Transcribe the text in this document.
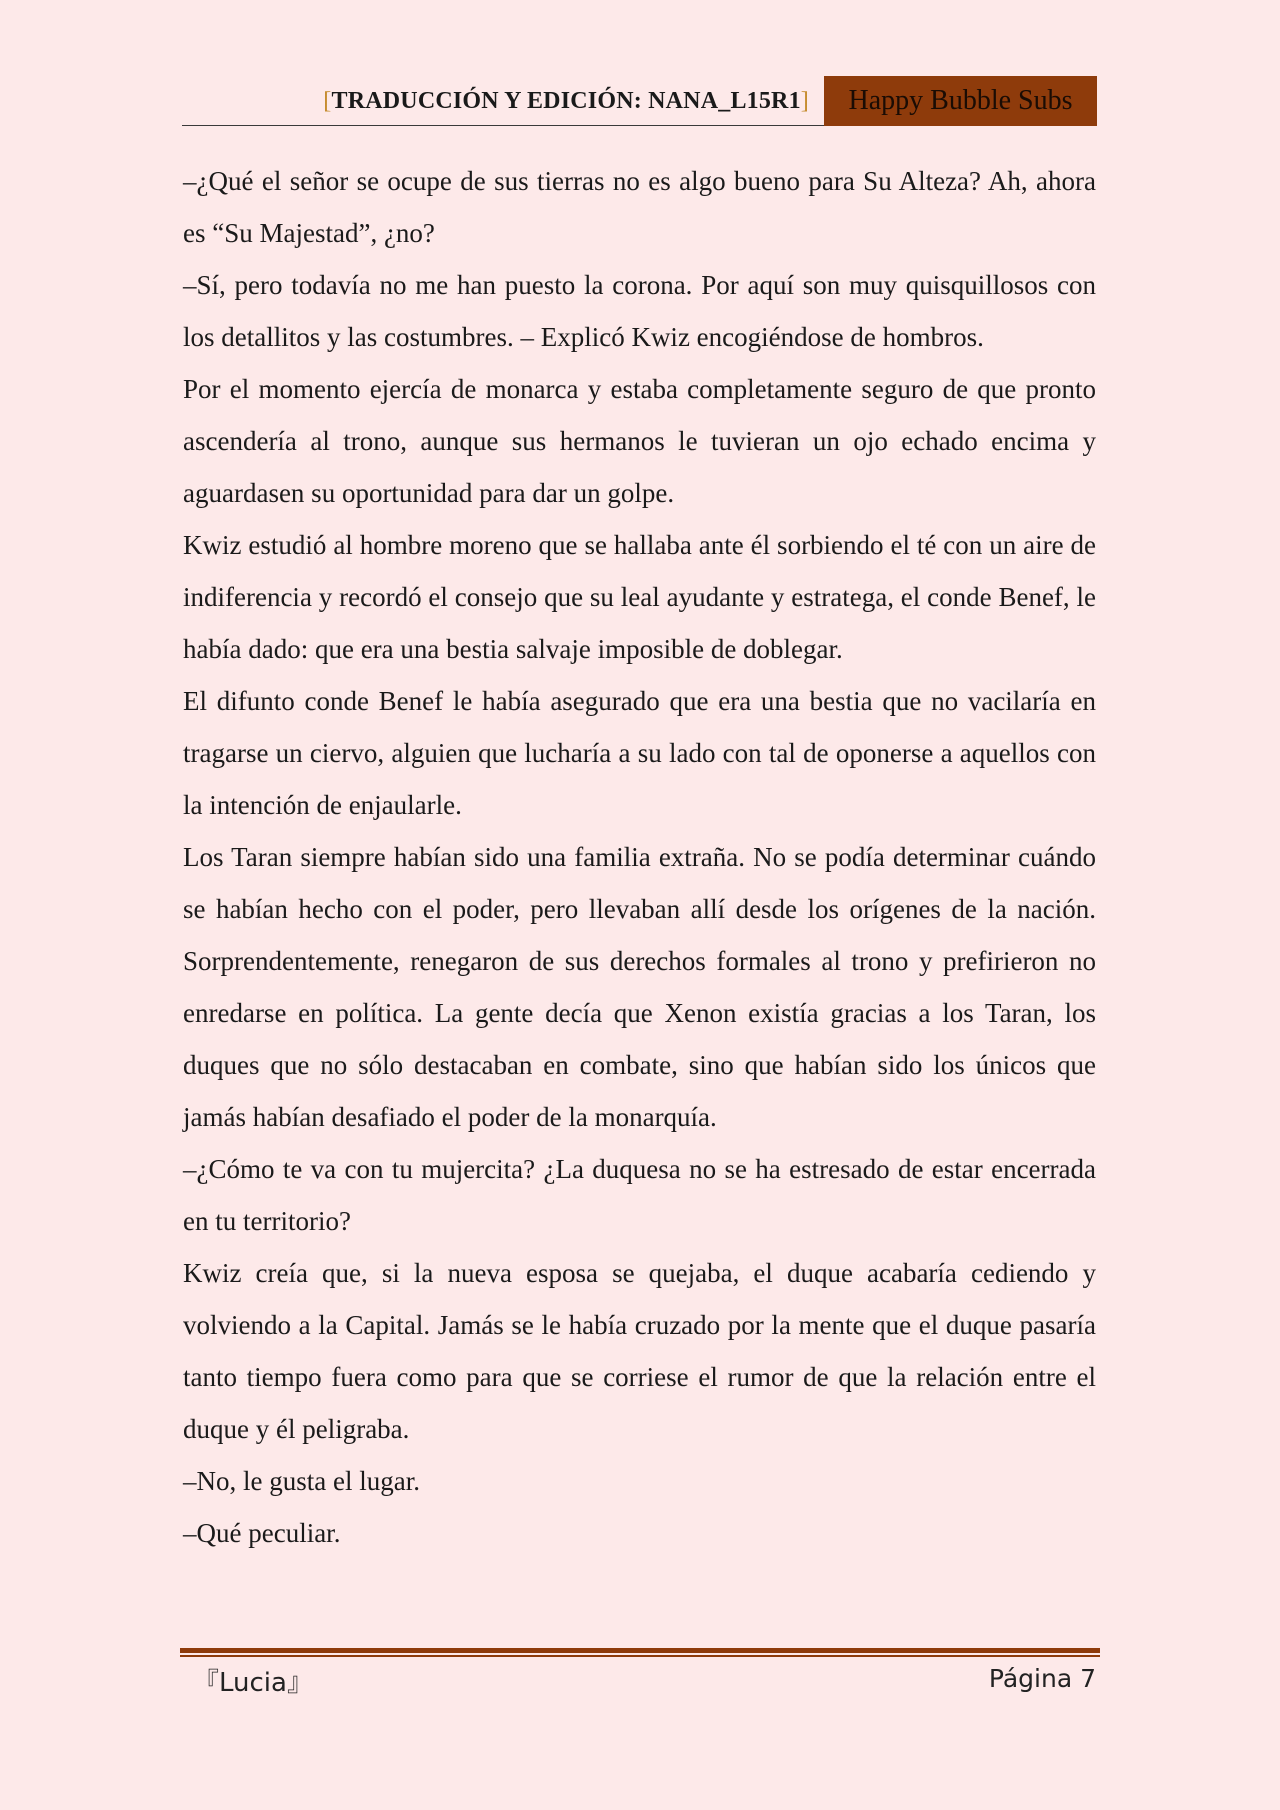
[TRADUCCIÓN Y EDICIÓN: NANA_L15R1]	Happy Bubble Subs

–¿Qué el señor se ocupe de sus tierras no es algo bueno para Su Alteza? Ah, ahora es “Su Majestad”, ¿no?

–Sí, pero todavía no me han puesto la corona. Por aquí son muy quisquillosos con los detallitos y las costumbres. – Explicó Kwiz encogiéndose de hombros.

Por el momento ejercía de monarca y estaba completamente seguro de que pronto ascendería al trono, aunque sus hermanos le tuvieran un ojo echado encima y aguardasen su oportunidad para dar un golpe.

Kwiz estudió al hombre moreno que se hallaba ante él sorbiendo el té con un aire de indiferencia y recordó el consejo que su leal ayudante y estratega, el conde Benef, le había dado: que era una bestia salvaje imposible de doblegar.

El difunto conde Benef le había asegurado que era una bestia que no vacilaría en tragarse un ciervo, alguien que lucharía a su lado con tal de oponerse a aquellos con la intención de enjaularle.

Los Taran siempre habían sido una familia extraña. No se podía determinar cuándo se habían hecho con el poder, pero llevaban allí desde los orígenes de la nación. Sorprendentemente, renegaron de sus derechos formales al trono y prefirieron no enredarse en política. La gente decía que Xenon existía gracias a los Taran, los duques que no sólo destacaban en combate, sino que habían sido los únicos que jamás habían desafiado el poder de la monarquía.

–¿Cómo te va con tu mujercita? ¿La duquesa no se ha estresado de estar encerrada en tu territorio?

Kwiz creía que, si la nueva esposa se quejaba, el duque acabaría cediendo y volviendo a la Capital. Jamás se le había cruzado por la mente que el duque pasaría tanto tiempo fuera como para que se corriese el rumor de que la relación entre el duque y él peligraba.

–No, le gusta el lugar.

–Qué peculiar.

『Lucia』	Página 7
